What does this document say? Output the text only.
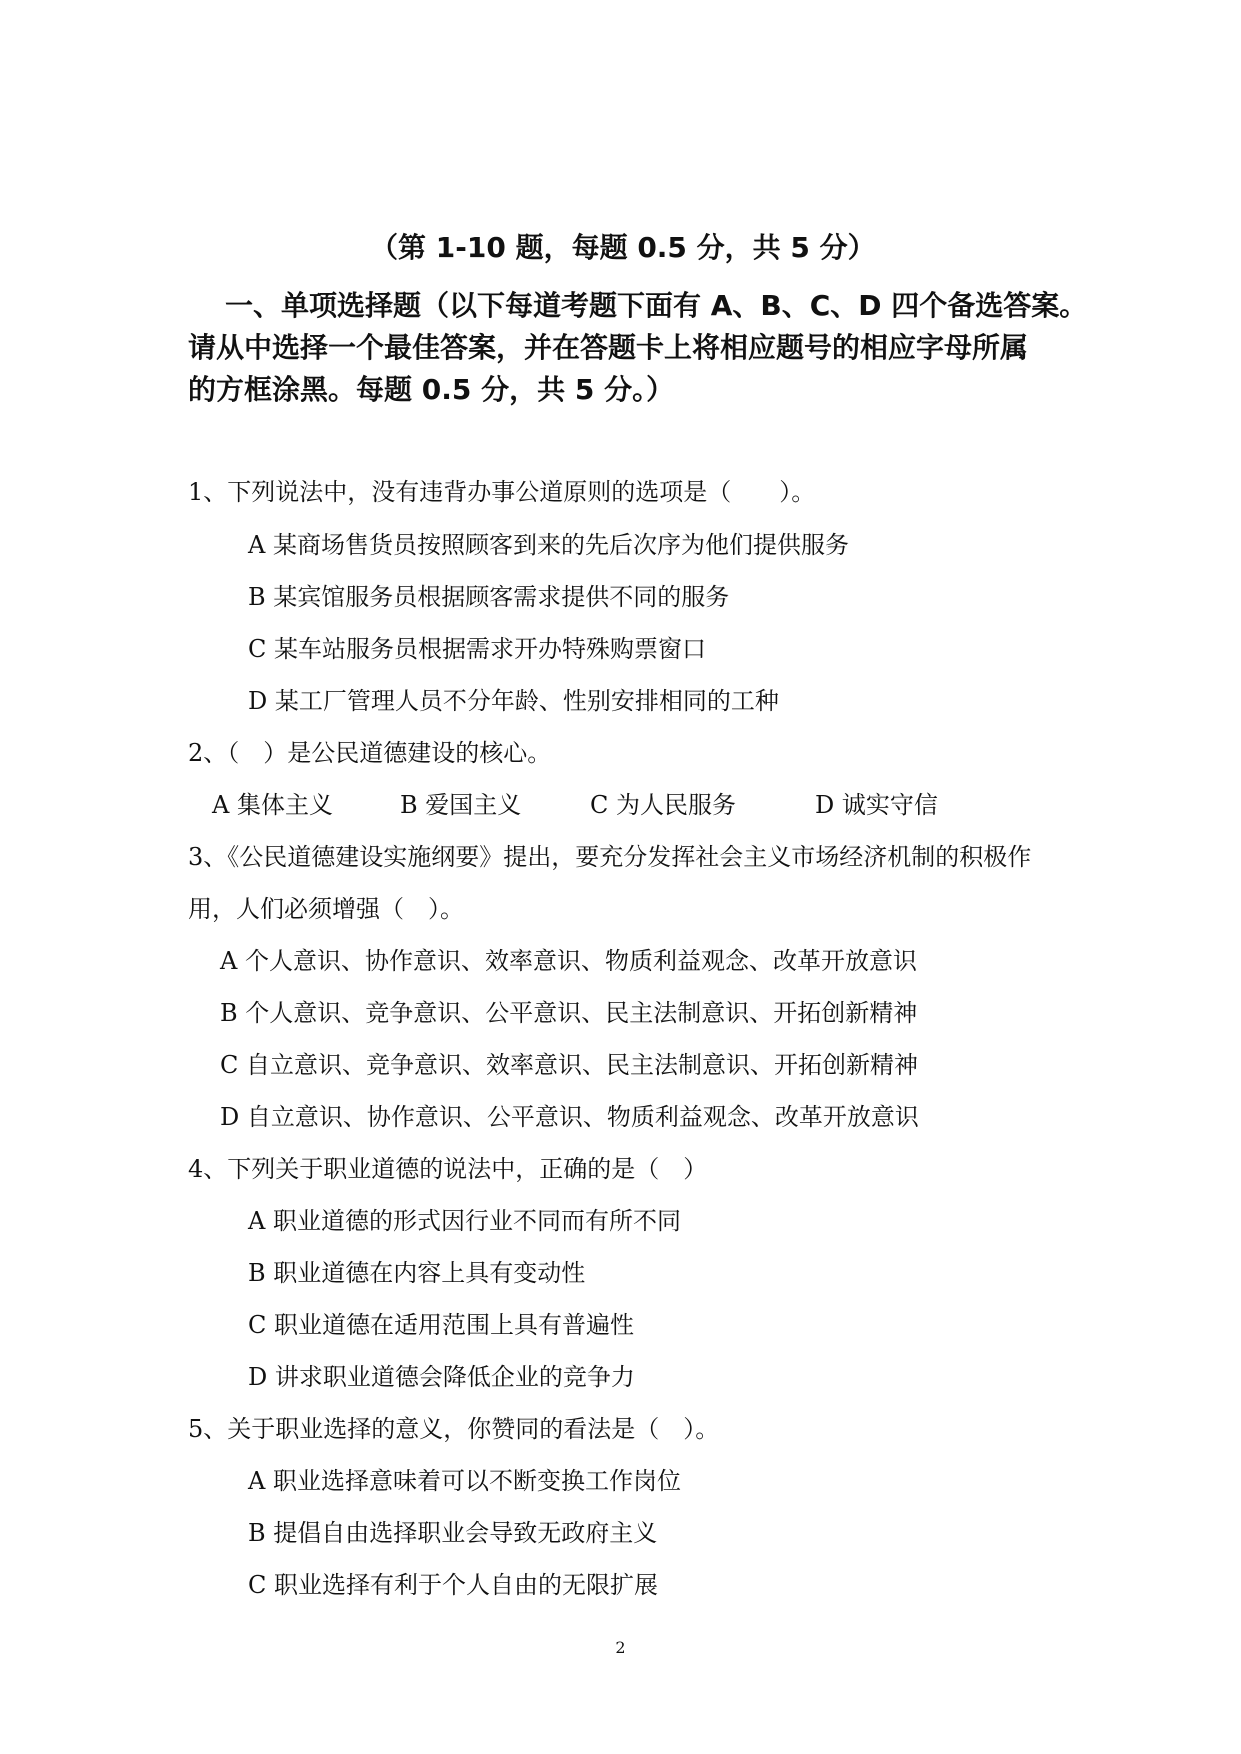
（第 1-10 题，每题 0.5 分，共 5 分）
一、单项选择题（以下每道考题下面有 A、B、C、D 四个备选答案。
请从中选择一个最佳答案，并在答题卡上将相应题号的相应字母所属
的方框涂黑。每题 0.5 分，共 5 分。）
1、下列说法中，没有违背办事公道原则的选项是（　　）。
A 某商场售货员按照顾客到来的先后次序为他们提供服务
B 某宾馆服务员根据顾客需求提供不同的服务
C 某车站服务员根据需求开办特殊购票窗口
D 某工厂管理人员不分年龄、性别安排相同的工种
2、（　）是公民道德建设的核心。
A 集体主义	B 爱国主义	C 为人民服务	D 诚实守信
3、《公民道德建设实施纲要》提出，要充分发挥社会主义市场经济机制的积极作
用，人们必须增强（　）。
A 个人意识、协作意识、效率意识、物质利益观念、改革开放意识
B 个人意识、竞争意识、公平意识、民主法制意识、开拓创新精神
C 自立意识、竞争意识、效率意识、民主法制意识、开拓创新精神
D 自立意识、协作意识、公平意识、物质利益观念、改革开放意识
4、下列关于职业道德的说法中，正确的是（　）
A 职业道德的形式因行业不同而有所不同
B 职业道德在内容上具有变动性
C 职业道德在适用范围上具有普遍性
D 讲求职业道德会降低企业的竞争力
5、关于职业选择的意义，你赞同的看法是（　）。
A 职业选择意味着可以不断变换工作岗位
B 提倡自由选择职业会导致无政府主义
C 职业选择有利于个人自由的无限扩展
2
